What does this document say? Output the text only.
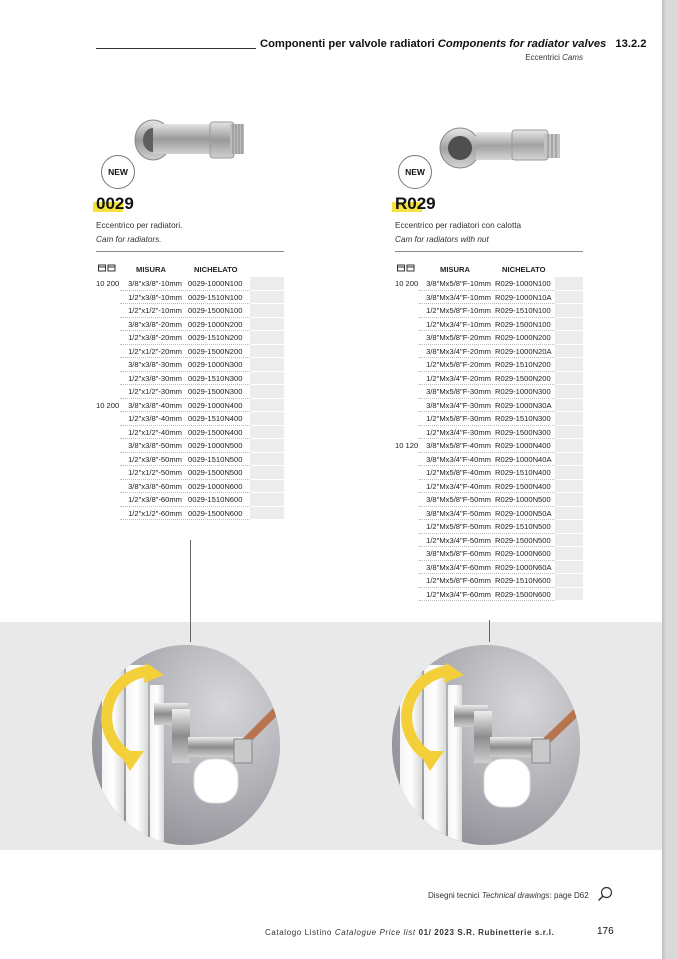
Componenti per valvole radiatori Components for radiator valves 13.2.2
Eccentrici Cams
NEW	NEW
0029	R029
Eccentrico per radiatori.
Cam for radiators.
Eccentrico per radiatori con calotta
Cam for radiators with nut
MISURA	NICHELATO
10 200 3/8"x3/8"-10mm 0029-1000N100
1/2"x3/8"-10mm 0029-1510N100
1/2"x1/2"-10mm 0029-1500N100
3/8"x3/8"-20mm 0029-1000N200
1/2"x3/8"-20mm 0029-1510N200
1/2"x1/2"-20mm 0029-1500N200
3/8"x3/8"-30mm 0029-1000N300
1/2"x3/8"-30mm 0029-1510N300
1/2"x1/2"-30mm 0029-1500N300
10 200 3/8"x3/8"-40mm 0029-1000N400
1/2"x3/8"-40mm 0029-1510N400
1/2"x1/2"-40mm 0029-1500N400
3/8"x3/8"-50mm 0029-1000N500
1/2"x3/8"-50mm 0029-1510N500
1/2"x1/2"-50mm 0029-1500N500
3/8"x3/8"-60mm 0029-1000N600
1/2"x3/8"-60mm 0029-1510N600
1/2"x1/2"-60mm 0029-1500N600
MISURA	NICHELATO
10 200 3/8"Mx5/8"F-10mm R029-1000N100
3/8"Mx3/4"F-10mm R029-1000N10A
1/2"Mx5/8"F-10mm R029-1510N100
1/2"Mx3/4"F-10mm R029-1500N100
3/8"Mx5/8"F-20mm R029-1000N200
3/8"Mx3/4"F-20mm R029-1000N20A
1/2"Mx5/8"F-20mm R029-1510N200
1/2"Mx3/4"F-20mm R029-1500N200
3/8"Mx5/8"F-30mm R029-1000N300
3/8"Mx3/4"F-30mm R029-1000N30A
1/2"Mx5/8"F-30mm R029-1510N300
1/2"Mx3/4"F-30mm R029-1500N300
10 120 3/8"Mx5/8"F-40mm R029-1000N400
3/8"Mx3/4"F-40mm R029-1000N40A
1/2"Mx5/8"F-40mm R029-1510N400
1/2"Mx3/4"F-40mm R029-1500N400
3/8"Mx5/8"F-50mm R029-1000N500
3/8"Mx3/4"F-50mm R029-1000N50A
1/2"Mx5/8"F-50mm R029-1510N500
1/2"Mx3/4"F-50mm R029-1500N500
3/8"Mx5/8"F-60mm R029-1000N600
3/8"Mx3/4"F-60mm R029-1000N60A
1/2"Mx5/8"F-60mm R029-1510N600
1/2"Mx3/4"F-60mm R029-1500N600
Disegni tecnici Technical drawings: page D62
Catalogo Listino Catalogue Price list 01/ 2023 S.R. Rubinetterie s.r.l.	176
